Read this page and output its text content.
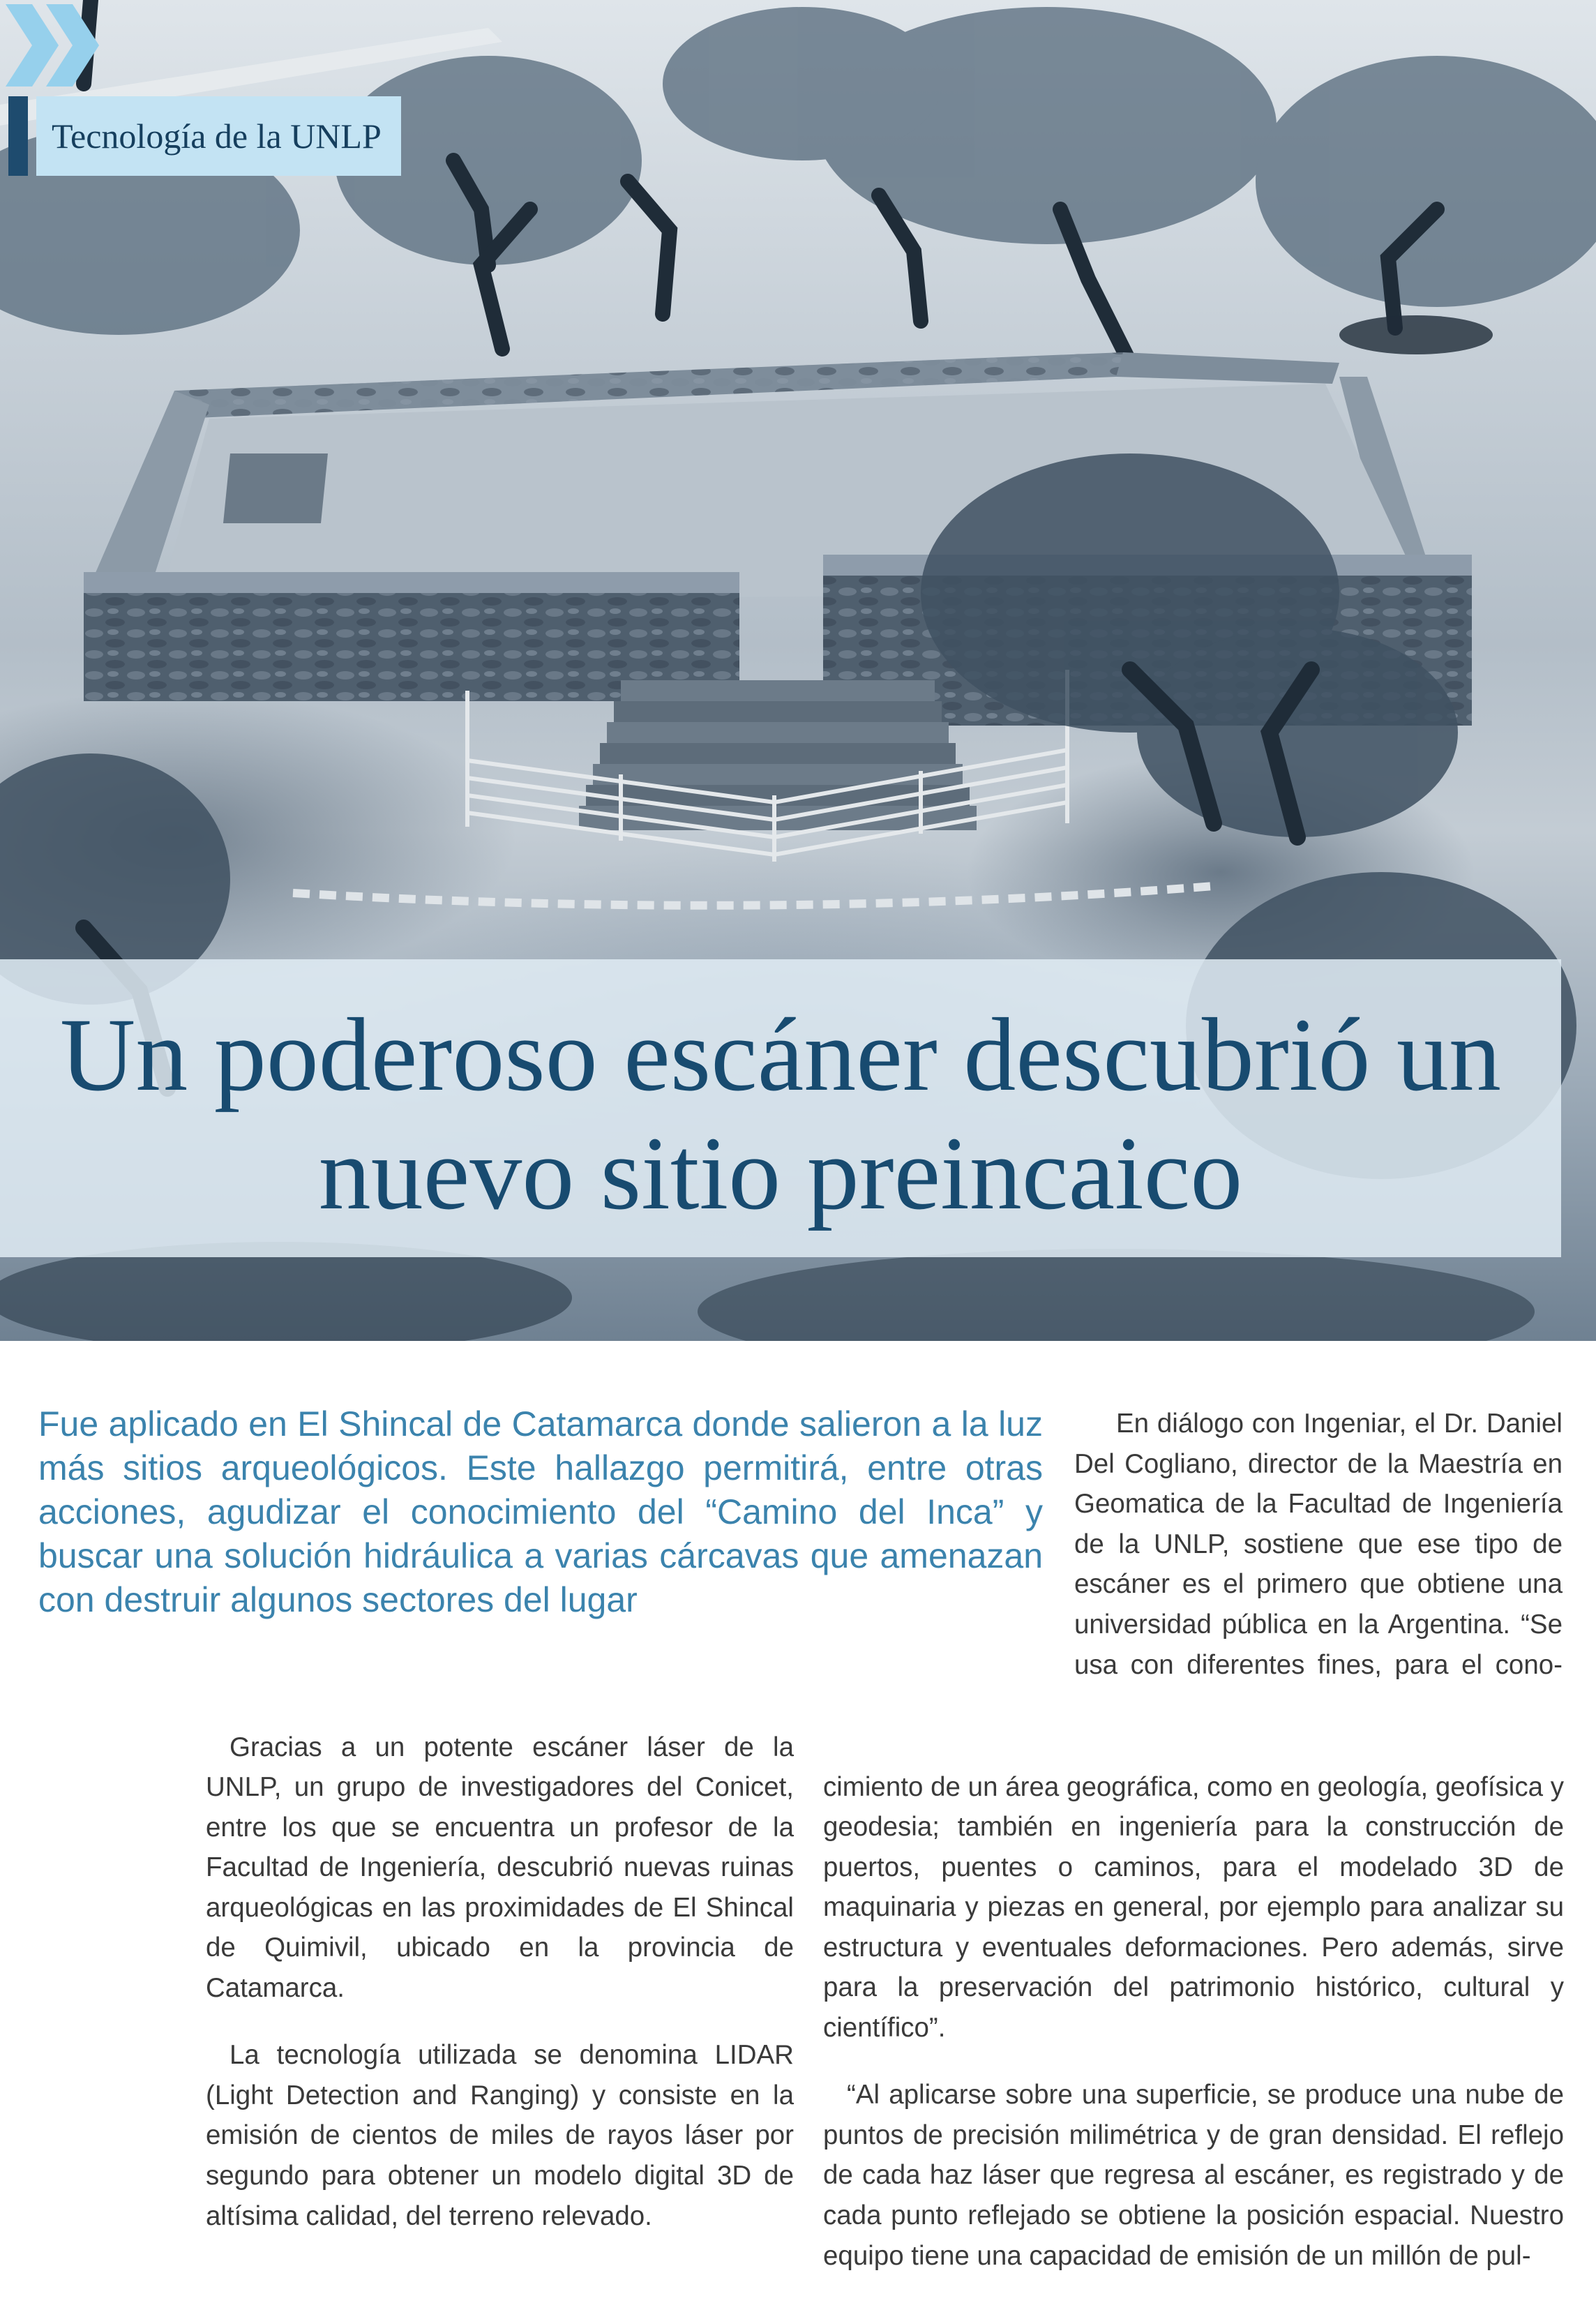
Tecnología de la UNLP
Un poderoso escáner descubrió un
nuevo sitio preincaico

Fue aplicado en El Shincal de Catamarca donde salieron a la luz más sitios arqueológicos. Este hallazgo permitirá, entre otras acciones, agudizar el conocimiento del “Camino del Inca” y buscar una solución hidráulica a varias cárcavas que amenazan con destruir algunos sectores del lugar

Gracias a un potente escáner láser de la UNLP, un grupo de investigadores del Conicet, entre los que se encuentra un profesor de la Facultad de Ingeniería, descubrió nuevas ruinas arqueológicas en las proximidades de El Shincal de Quimivil, ubicado en la provincia de Catamarca.

La tecnología utilizada se denomina LIDAR (Light Detection and Ranging) y consiste en la emisión de cientos de miles de rayos láser por segundo para obtener un modelo digital 3D de altísima calidad, del terreno relevado.

En diálogo con Ingeniar, el Dr. Daniel Del Cogliano, director de la Maestría en Geomatica de la Facultad de Ingeniería de la UNLP, sostiene que ese tipo de escáner es el primero que obtiene una universidad pública en la Argentina. “Se usa con diferentes fines, para el cono-

cimiento de un área geográfica, como en geología, geofísica y geodesia; también en ingeniería para la construcción de puertos, puentes o caminos, para el modelado 3D de maquinaria y piezas en general, por ejemplo para analizar su estructura y eventuales deformaciones. Pero además, sirve para la preservación del patrimonio histórico, cultural y científico”.

“Al aplicarse sobre una superficie, se produce una nube de puntos de precisión milimétrica y de gran densidad. El reflejo de cada haz láser que regresa al escáner, es registrado y de cada punto reflejado se obtiene la posición espacial. Nuestro equipo tiene una capacidad de emisión de un millón de pul-
